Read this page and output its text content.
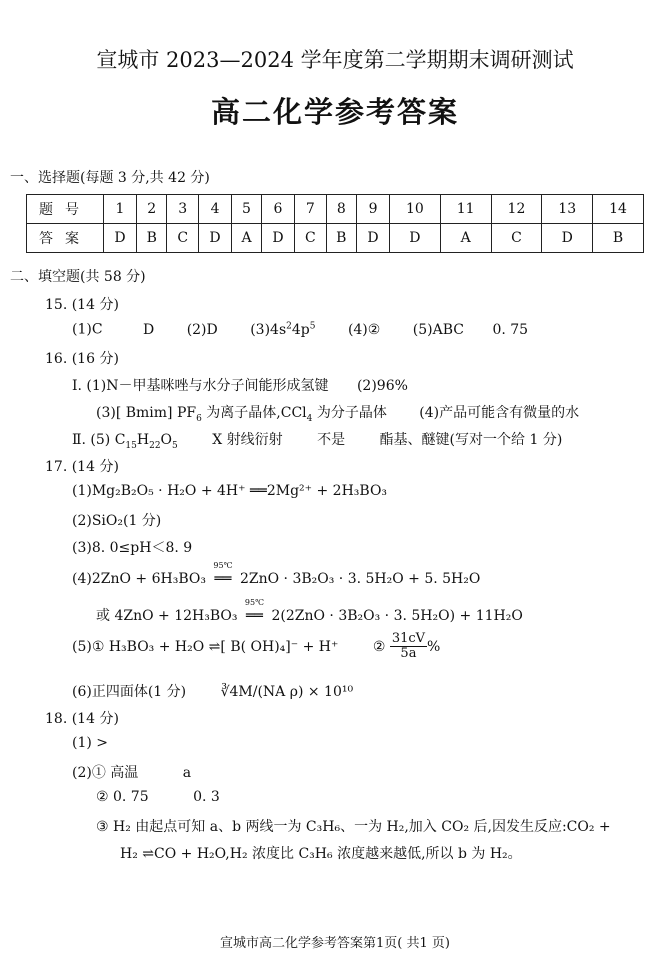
宣城市 2023—2024 学年度第二学期期末调研测试
高二化学参考答案
一、选择题(每题 3 分,共 42 分)
题号	1	2	3	4	5	6	7	8	9	10	11	12	13	14
答案	D	B	C	D	A	D	C	B	D	D	A	C	D	B
二、填空题(共 58 分)
15. (14 分)
(1)C	D (2)D $(3)4s^24p^5$ (4)② (5)ABC 0. 75
16. (16 分)
Ⅰ. (1)N－甲基咪唑与水分子间能形成氢键 (2)96%
(3)[ Bmim] $PF_6$ 为离子晶体,CCl$_4$ 为分子晶体 (4)产品可能含有微量的水
Ⅱ. (5) $C_{15}H_{22}O_5$ X 射线衍射 不是 酯基、醚键(写对一个给 1 分)
17. (14 分)
(1)Mg₂B₂O₅ · H₂O + 4H⁺ ══2Mg²⁺ + 2H₃BO₃
(2)SiO₂(1 分)
(3)8. 0≤pH＜8. 9
(4)2ZnO + 6H₃BO₃
95℃
══ 2ZnO · 3B₂O₃ · 3. 5H₂O + 5. 5H₂O
或 4ZnO + 12H₃BO₃
95℃
══ 2(2ZnO · 3B₂O₃ · 3. 5H₂O) + 11H₂O
(5)① H₃BO₃ + H₂O ⇌[ B( OH)₄]⁻ + H⁺ ② $\frac{31cV}{5a}$ %
(6)正四面体(1 分) ∛4M/(NA ρ) × 10¹⁰
18. (14 分)
(1) >
(2)① 高温	a
② 0. 75	0. 3
③ H₂ 由起点可知 a、b 两线一为 C₃H₆、一为 H₂,加入 CO₂ 后,因发生反应:CO₂ +
H₂ ⇌CO + H₂O,H₂ 浓度比 C₃H₆ 浓度越来越低,所以 b 为 H₂。
宣城市高二化学参考答案第1页( 共1 页)
